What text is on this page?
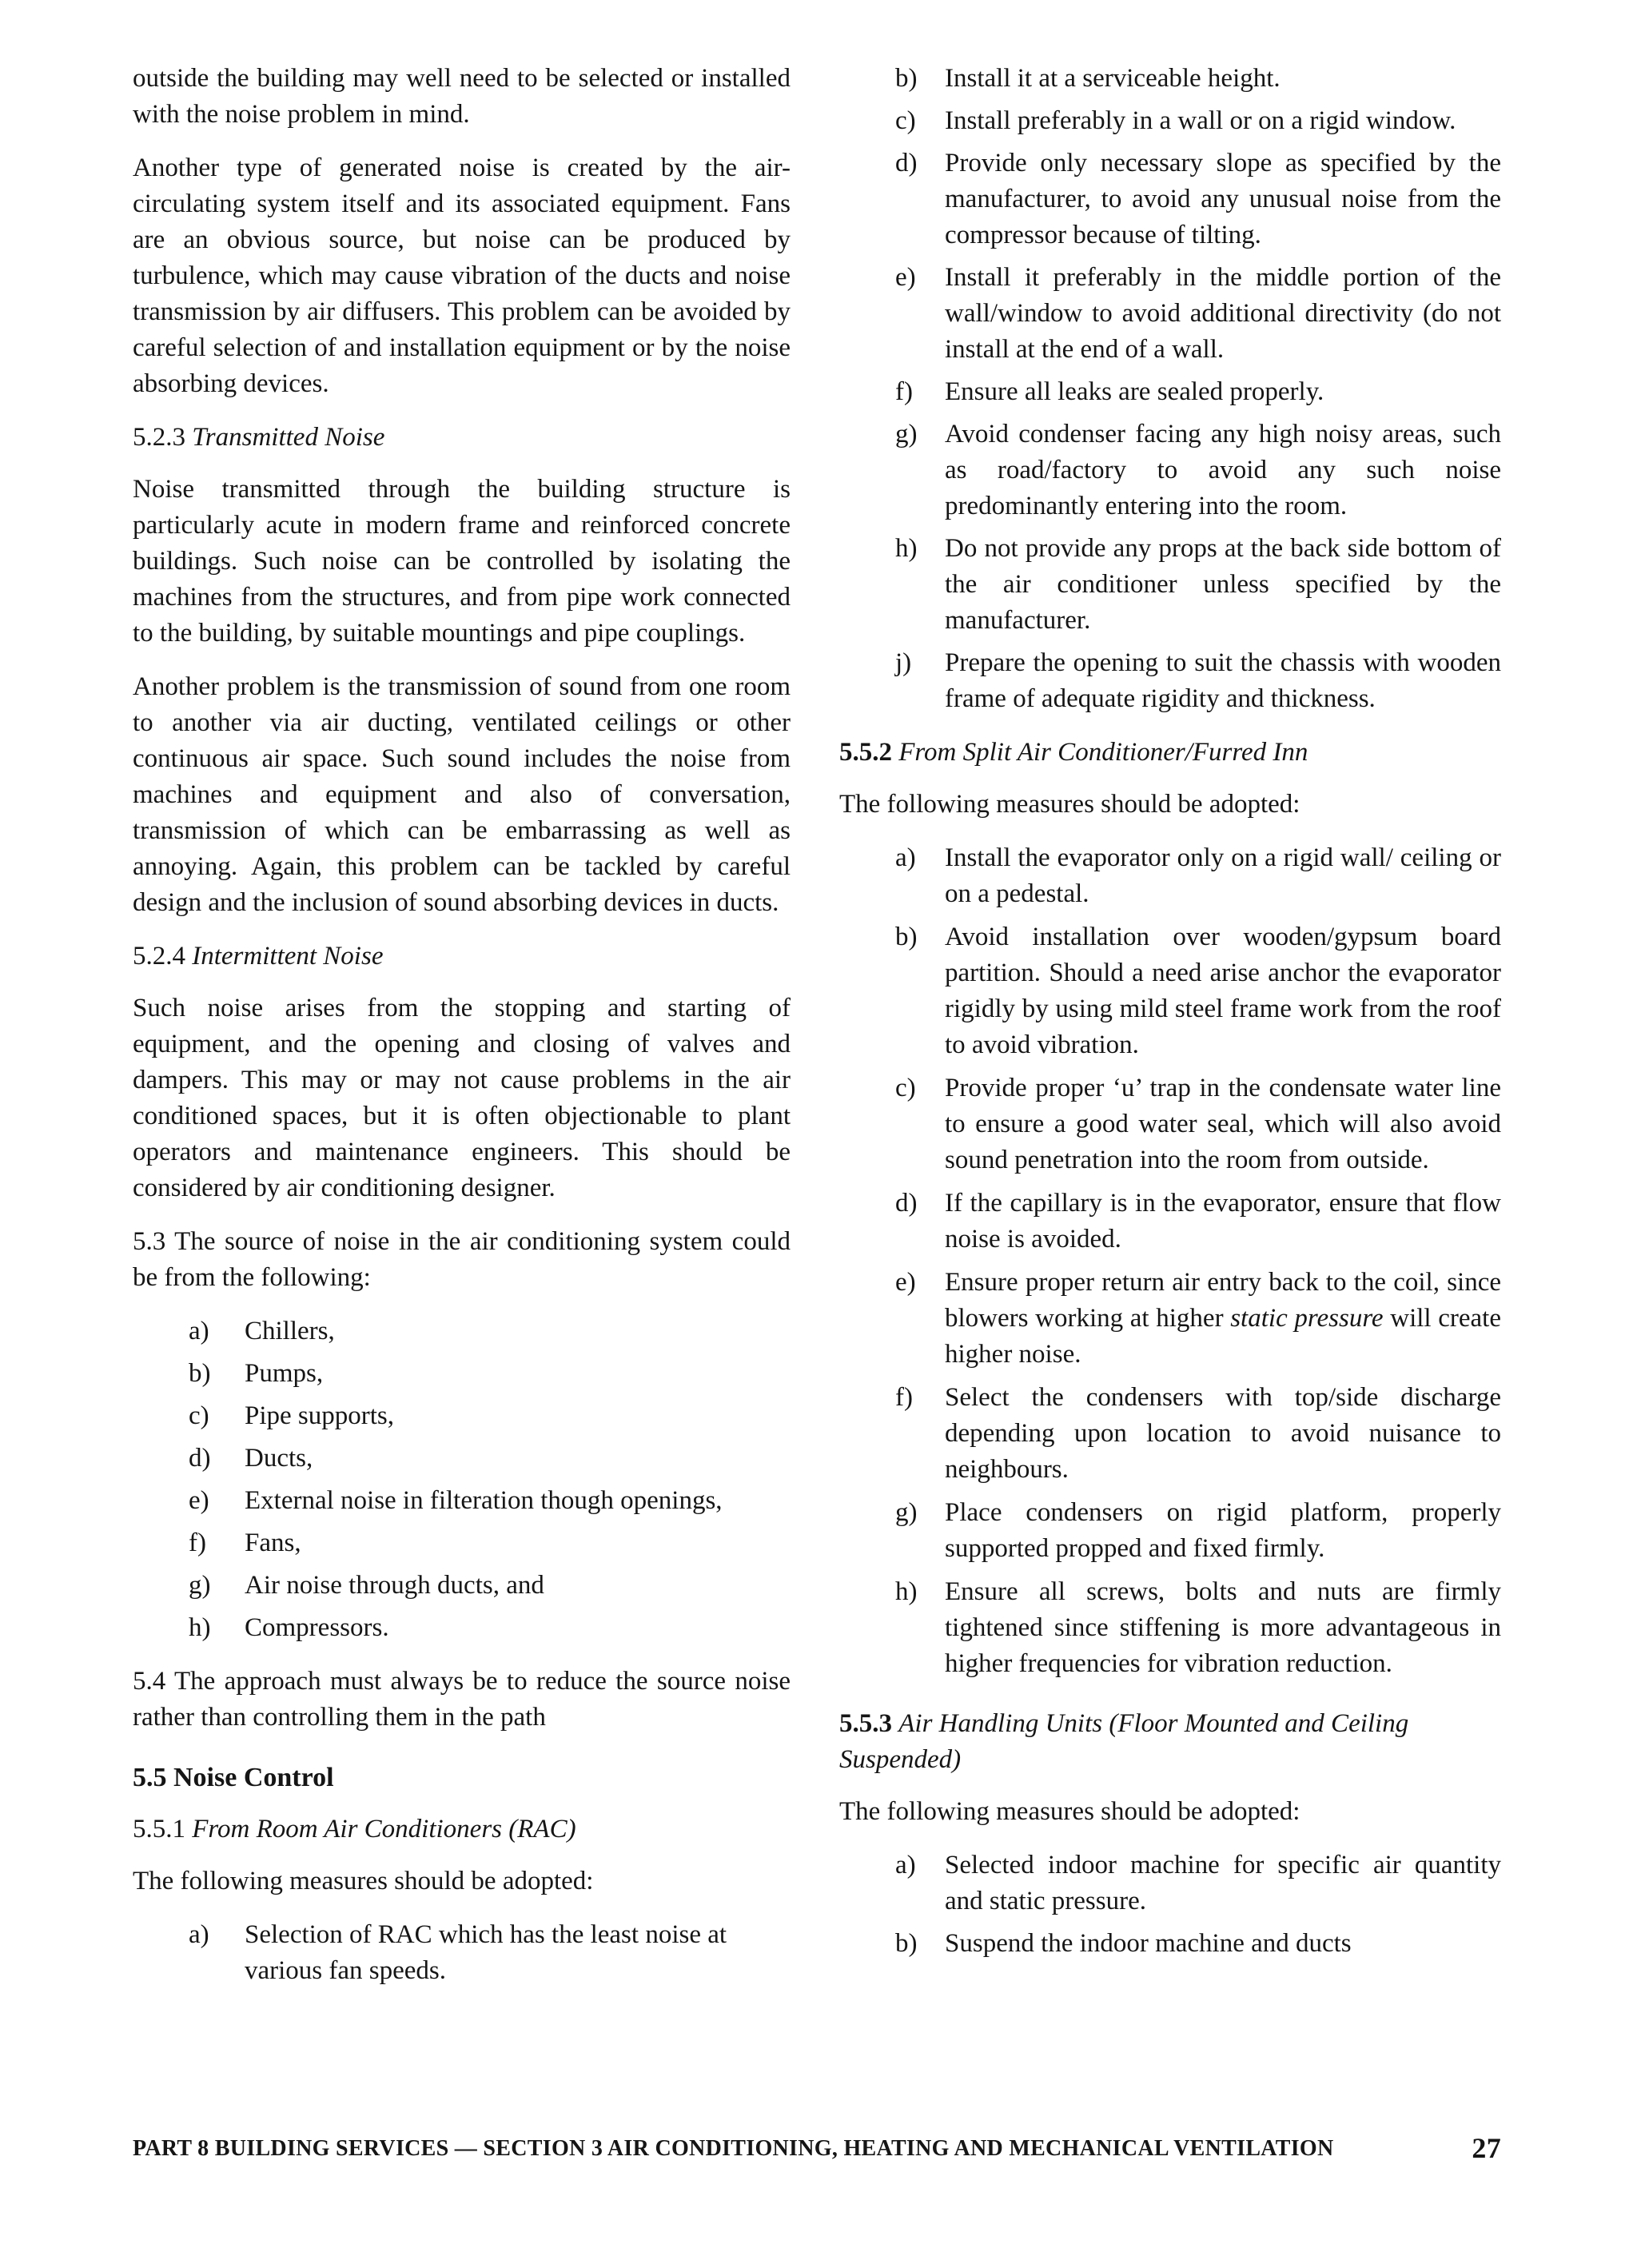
outside the building may well need to be selected or installed with the noise problem in mind.

Another type of generated noise is created by the air-circulating system itself and its associated equipment. Fans are an obvious source, but noise can be produced by turbulence, which may cause vibration of the ducts and noise transmission by air diffusers. This problem can be avoided by careful selection of and installation equipment or by the noise absorbing devices.

5.2.3 Transmitted Noise

Noise transmitted through the building structure is particularly acute in modern frame and reinforced concrete buildings. Such noise can be controlled by isolating the machines from the structures, and from pipe work connected to the building, by suitable mountings and pipe couplings.

Another problem is the transmission of sound from one room to another via air ducting, ventilated ceilings or other continuous air space. Such sound includes the noise from machines and equipment and also of conversation, transmission of which can be embarrassing as well as annoying. Again, this problem can be tackled by careful design and the inclusion of sound absorbing devices in ducts.

5.2.4 Intermittent Noise

Such noise arises from the stopping and starting of equipment, and the opening and closing of valves and dampers. This may or may not cause problems in the air conditioned spaces, but it is often objectionable to plant operators and maintenance engineers. This should be considered by air conditioning designer.

5.3 The source of noise in the air conditioning system could be from the following:

a)	Chillers,
b)	Pumps,
c)	Pipe supports,
d)	Ducts,
e)	External noise in filteration though openings,
f)	Fans,
g)	Air noise through ducts, and
h)	Compressors.

5.4 The approach must always be to reduce the source noise rather than controlling them in the path

5.5 Noise Control

5.5.1 From Room Air Conditioners (RAC)

The following measures should be adopted:

a)	Selection of RAC which has the least noise at various fan speeds.
b)	Install it at a serviceable height.
c)	Install preferably in a wall or on a rigid window.
d)	Provide only necessary slope as specified by the manufacturer, to avoid any unusual noise from the compressor because of tilting.
e)	Install it preferably in the middle portion of the wall/window to avoid additional directivity (do not install at the end of a wall.
f)	Ensure all leaks are sealed properly.
g)	Avoid condenser facing any high noisy areas, such as road/factory to avoid any such noise predominantly entering into the room.
h)	Do not provide any props at the back side bottom of the air conditioner unless specified by the manufacturer.
j)	Prepare the opening to suit the chassis with wooden frame of adequate rigidity and thickness.

5.5.2 From Split Air Conditioner/Furred Inn

The following measures should be adopted:

a)	Install the evaporator only on a rigid wall/ ceiling or on a pedestal.
b)	Avoid installation over wooden/gypsum board partition. Should a need arise anchor the evaporator rigidly by using mild steel frame work from the roof to avoid vibration.
c)	Provide proper ‘u’ trap in the condensate water line to ensure a good water seal, which will also avoid sound penetration into the room from outside.
d)	If the capillary is in the evaporator, ensure that flow noise is avoided.
e)	Ensure proper return air entry back to the coil, since blowers working at higher static pressure will create higher noise.
f)	Select the condensers with top/side discharge depending upon location to avoid nuisance to neighbours.
g)	Place condensers on rigid platform, properly supported propped and fixed firmly.
h)	Ensure all screws, bolts and nuts are firmly tightened since stiffening is more advantageous in higher frequencies for vibration reduction.

5.5.3 Air Handling Units (Floor Mounted and Ceiling Suspended)

The following measures should be adopted:

a)	Selected indoor machine for specific air quantity and static pressure.
b)	Suspend the indoor machine and ducts
PART 8 BUILDING SERVICES — SECTION 3 AIR CONDITIONING, HEATING AND MECHANICAL VENTILATION	27
